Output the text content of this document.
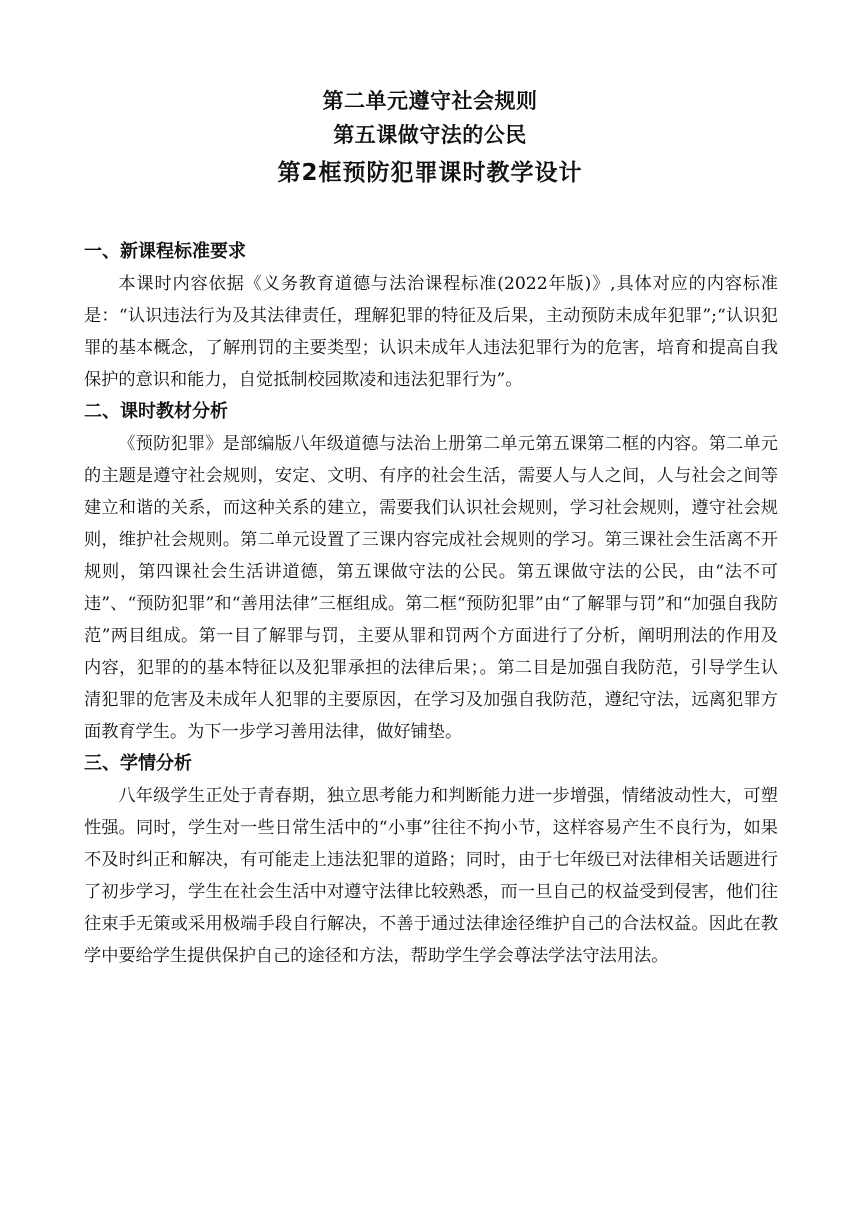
第二单元遵守社会规则
第五课做守法的公民
第2框预防犯罪课时教学设计
一、新课程标准要求

本课时内容依据《义务教育道德与法治课程标准(2022年版)》,具体对应的内容标准是：“认识违法行为及其法律责任，理解犯罪的特征及后果，主动预防未成年犯罪”;“认识犯罪的基本概念，了解刑罚的主要类型；认识未成年人违法犯罪行为的危害，培育和提高自我保护的意识和能力，自觉抵制校园欺凌和违法犯罪行为”。

二、课时教材分析

《预防犯罪》是部编版八年级道德与法治上册第二单元第五课第二框的内容。第二单元的主题是遵守社会规则，安定、文明、有序的社会生活，需要人与人之间，人与社会之间等建立和谐的关系，而这种关系的建立，需要我们认识社会规则，学习社会规则，遵守社会规则，维护社会规则。第二单元设置了三课内容完成社会规则的学习。第三课社会生活离不开规则，第四课社会生活讲道德，第五课做守法的公民。第五课做守法的公民，由“法不可违”、“预防犯罪”和“善用法律”三框组成。第二框“预防犯罪”由“了解罪与罚”和“加强自我防范”两目组成。第一目了解罪与罚，主要从罪和罚两个方面进行了分析，阐明刑法的作用及内容，犯罪的的基本特征以及犯罪承担的法律后果；。第二目是加强自我防范，引导学生认清犯罪的危害及未成年人犯罪的主要原因，在学习及加强自我防范，遵纪守法，远离犯罪方面教育学生。为下一步学习善用法律，做好铺垫。

三、学情分析

八年级学生正处于青春期，独立思考能力和判断能力进一步增强，情绪波动性大，可塑性强。同时，学生对一些日常生活中的“小事”往往不拘小节，这样容易产生不良行为，如果不及时纠正和解决，有可能走上违法犯罪的道路；同时，由于七年级已对法律相关话题进行了初步学习，学生在社会生活中对遵守法律比较熟悉，而一旦自己的权益受到侵害，他们往往束手无策或采用极端手段自行解决，不善于通过法律途径维护自己的合法权益。因此在教学中要给学生提供保护自己的途径和方法，帮助学生学会尊法学法守法用法。
